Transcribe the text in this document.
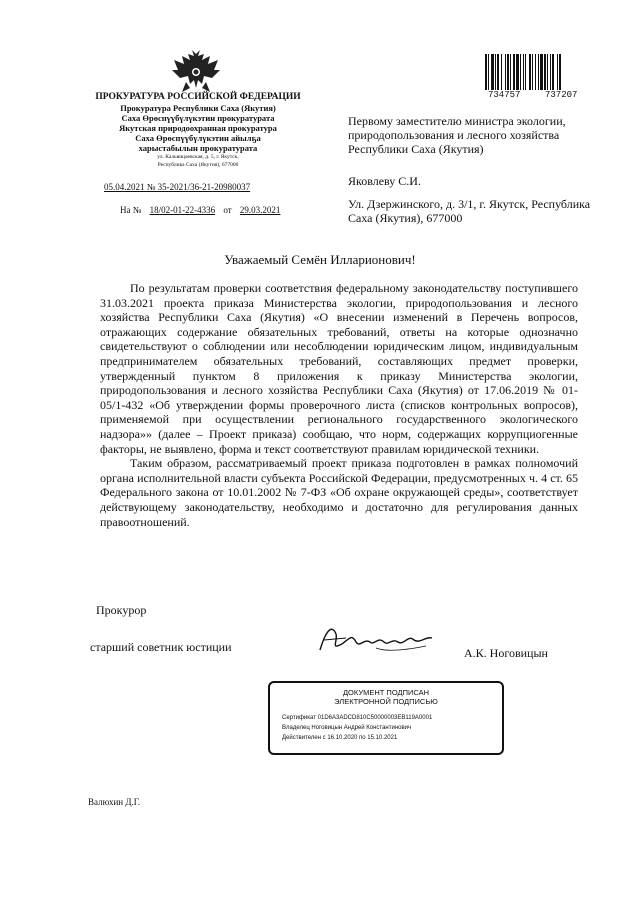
ПРОКУРАТУРА РОССИЙСКОЙ ФЕДЕРАЦИИ
Прокуратура Республики Саха (Якутия)
Саха Өрөспүүбүлүкэтин прокуратурата
Якутская природоохранная прокуратура
Саха Өрөспүүбүлүкэтин айылҕа
харыстабылын прокуратурата
ул. Кальвицаевская, д. 5, г. Якутск,
Республика Саха (Якутия), 677000
05.04.2021 № 35-2021/36-21-20980037
На № 18/02-01-22-4336 от 29.03.2021
734757	737207
Первому заместителю министра экологии, природопользования и лесного хозяйства Республики Саха (Якутия)
Яковлеву С.И.
Ул. Дзержинского, д. 3/1, г. Якутск, Республика Саха (Якутия), 677000
Уважаемый Семён Илларионович!

По результатам проверки соответствия федеральному законодательству поступившего 31.03.2021 проекта приказа Министерства экологии, природопользования и лесного хозяйства Республики Саха (Якутия) «О внесении изменений в Перечень вопросов, отражающих содержание обязательных требований, ответы на которые однозначно свидетельствуют о соблюдении или несоблюдении юридическим лицом, индивидуальным предпринимателем обязательных требований, составляющих предмет проверки, утвержденный пунктом 8 приложения к приказу Министерства экологии, природопользования и лесного хозяйства Республики Саха (Якутия) от 17.06.2019 № 01-05/1-432 «Об утверждении формы проверочного листа (списков контрольных вопросов), применяемой при осуществлении регионального государственного экологического надзора»» (далее – Проект приказа) сообщаю, что норм, содержащих коррупциогенные факторы, не выявлено, форма и текст соответствуют правилам юридической техники.

Таким образом, рассматриваемый проект приказа подготовлен в рамках полномочий органа исполнительной власти субъекта Российской Федерации, предусмотренных ч. 4 ст. 65 Федерального закона от 10.01.2002 № 7-ФЗ «Об охране окружающей среды», соответствует действующему законодательству, необходимо и достаточно для регулирования данных правоотношений.

Прокурор
старший советник юстиции	А.К. Ноговицын
ДОКУМЕНТ ПОДПИСАН
ЭЛЕКТРОННОЙ ПОДПИСЬЮ
Сертификат 01D6A3ADCD810C50000003EB119A0001
Владелец Ноговицын Андрей Константинович
Действителен с 16.10.2020 по 15.10.2021
Валюхин Д.Г.
